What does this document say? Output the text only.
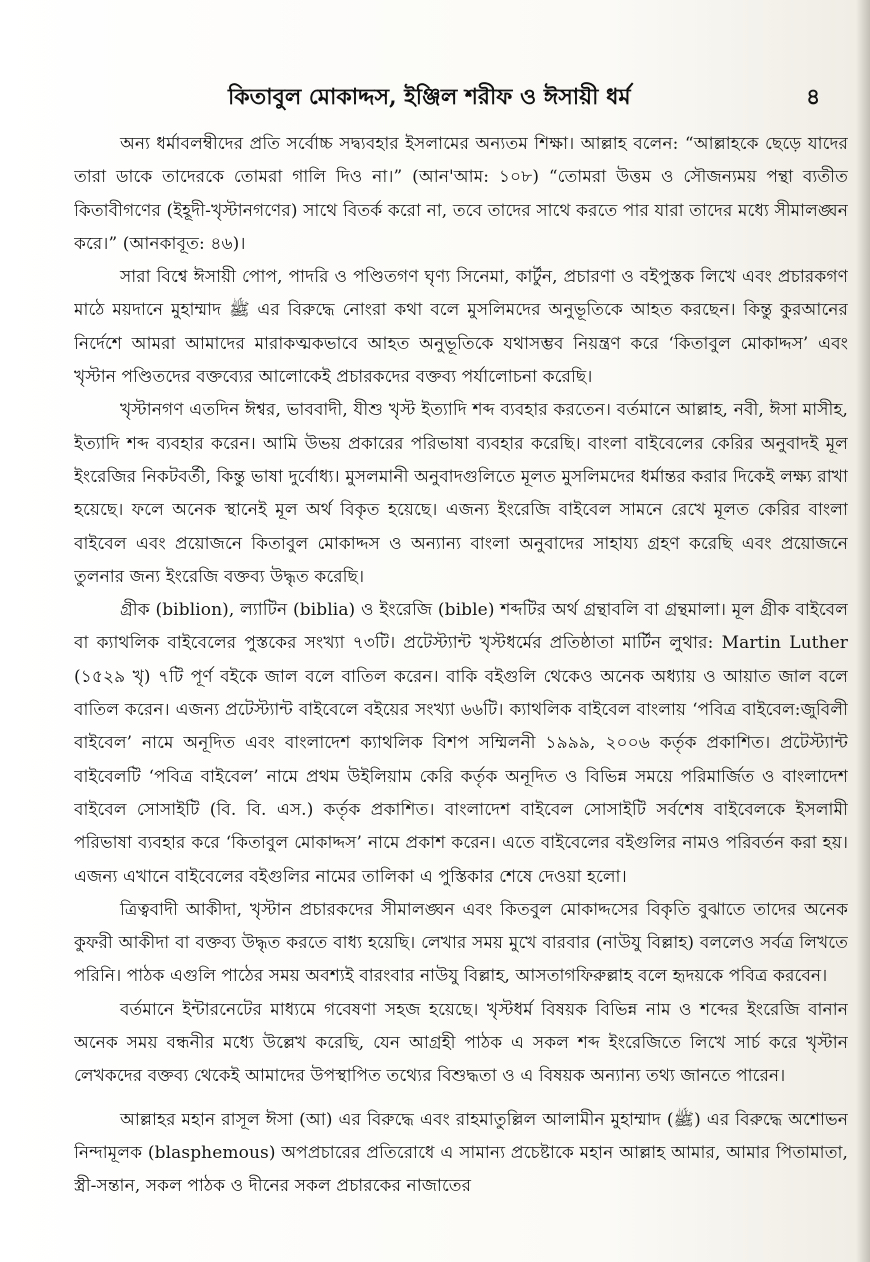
কিতাবুল মোকাদ্দস, ইঞ্জিল শরীফ ও ঈসায়ী ধর্ম	৪

অন্য ধর্মাবলম্বীদের প্রতি সর্বোচ্চ সদ্ব্যবহার ইসলামের অন্যতম শিক্ষা। আল্লাহ বলেন: “আল্লাহকে ছেড়ে যাদের তারা ডাকে তাদেরকে তোমরা গালি দিও না।” (আন'আম: ১০৮) “তোমরা উত্তম ও সৌজন্যময় পন্থা ব্যতীত কিতাবীগণের (ইহূদী-খৃস্টানগণের) সাথে বিতর্ক করো না, তবে তাদের সাথে করতে পার যারা তাদের মধ্যে সীমালঙ্ঘন করে।” (আনকাবূত: ৪৬)।

সারা বিশ্বে ঈসায়ী পোপ, পাদরি ও পণ্ডিতগণ ঘৃণ্য সিনেমা, কার্টুন, প্রচারণা ও বইপুস্তক লিখে এবং প্রচারকগণ মাঠে ময়দানে মুহাম্মাদ ﷺ এর বিরুদ্ধে নোংরা কথা বলে মুসলিমদের অনুভূতিকে আহত করছেন। কিন্তু কুরআনের নির্দেশে আমরা আমাদের মারাকত্মকভাবে আহত অনুভূতিকে যথাসম্ভব নিয়ন্ত্রণ করে ‘কিতাবুল মোকাদ্দস’ এবং খৃস্টান পণ্ডিতদের বক্তব্যের আলোকেই প্রচারকদের বক্তব্য পর্যালোচনা করেছি।

খৃস্টানগণ এতদিন ঈশ্বর, ভাববাদী, যীশু খৃস্ট ইত্যাদি শব্দ ব্যবহার করতেন। বর্তমানে আল্লাহ, নবী, ঈসা মাসীহ, ইত্যাদি শব্দ ব্যবহার করেন। আমি উভয় প্রকারের পরিভাষা ব্যবহার করেছি। বাংলা বাইবেলের কেরির অনুবাদই মূল ইংরেজির নিকটবর্তী, কিন্তু ভাষা দুর্বোধ্য। মুসলমানী অনুবাদগুলিতে মূলত মুসলিমদের ধর্মান্তর করার দিকেই লক্ষ্য রাখা হয়েছে। ফলে অনেক স্থানেই মূল অর্থ বিকৃত হয়েছে। এজন্য ইংরেজি বাইবেল সামনে রেখে মূলত কেরির বাংলা বাইবেল এবং প্রয়োজনে কিতাবুল মোকাদ্দস ও অন্যান্য বাংলা অনুবাদের সাহায্য গ্রহণ করেছি এবং প্রয়োজনে তুলনার জন্য ইংরেজি বক্তব্য উদ্ধৃত করেছি।

গ্রীক (biblion), ল্যাটিন (biblia) ও ইংরেজি (bible) শব্দটির অর্থ গ্রন্থাবলি বা গ্রন্থমালা। মূল গ্রীক বাইবেল বা ক্যাথলিক বাইবেলের পুস্তকের সংখ্যা ৭৩টি। প্রটেস্ট্যান্ট খৃস্টধর্মের প্রতিষ্ঠাতা মার্টিন লুথার: Martin Luther (১৫২৯ খৃ) ৭টি পূর্ণ বইকে জাল বলে বাতিল করেন। বাকি বইগুলি থেকেও অনেক অধ্যায় ও আয়াত জাল বলে বাতিল করেন। এজন্য প্রটেস্ট্যান্ট বাইবেলে বইয়ের সংখ্যা ৬৬টি। ক্যাথলিক বাইবেল বাংলায় ‘পবিত্র বাইবেল:জুবিলী বাইবেল’ নামে অনূদিত এবং বাংলাদেশ ক্যাথলিক বিশপ সম্মিলনী ১৯৯৯, ২০০৬ কর্তৃক প্রকাশিত। প্রটেস্ট্যান্ট বাইবেলটি ‘পবিত্র বাইবেল’ নামে প্রথম উইলিয়াম কেরি কর্তৃক অনূদিত ও বিভিন্ন সময়ে পরিমার্জিত ও বাংলাদেশ বাইবেল সোসাইটি (বি. বি. এস.) কর্তৃক প্রকাশিত। বাংলাদেশ বাইবেল সোসাইটি সর্বশেষ বাইবেলকে ইসলামী পরিভাষা ব্যবহার করে ‘কিতাবুল মোকাদ্দস’ নামে প্রকাশ করেন। এতে বাইবেলের বইগুলির নামও পরিবর্তন করা হয়। এজন্য এখানে বাইবেলের বইগুলির নামের তালিকা এ পুস্তিকার শেষে দেওয়া হলো।

ত্রিত্ববাদী আকীদা, খৃস্টান প্রচারকদের সীমালঙ্ঘন এবং কিতবুল মোকাদ্দসের বিকৃতি বুঝাতে তাদের অনেক কুফরী আকীদা বা বক্তব্য উদ্ধৃত করতে বাধ্য হয়েছি। লেখার সময় মুখে বারবার (নাউযু বিল্লাহ) বললেও সর্বত্র লিখতে পরিনি। পাঠক এগুলি পাঠের সময় অবশ্যই বারংবার নাউযু বিল্লাহ, আসতাগফিরুল্লাহ বলে হৃদয়কে পবিত্র করবেন।

বর্তমানে ইন্টারনেটের মাধ্যমে গবেষণা সহজ হয়েছে। খৃস্টধর্ম বিষয়ক বিভিন্ন নাম ও শব্দের ইংরেজি বানান অনেক সময় বন্ধনীর মধ্যে উল্লেখ করেছি, যেন আগ্রহী পাঠক এ সকল শব্দ ইংরেজিতে লিখে সার্চ করে খৃস্টান লেখকদের বক্তব্য থেকেই আমাদের উপস্থাপিত তথ্যের বিশুদ্ধতা ও এ বিষয়ক অন্যান্য তথ্য জানতে পারেন।

আল্লাহর মহান রাসূল ঈসা (আ) এর বিরুদ্ধে এবং রাহমাতুল্লিল আলামীন মুহাম্মাদ (ﷺ) এর বিরুদ্ধে অশোভন নিন্দামূলক (blasphemous) অপপ্রচারের প্রতিরোধে এ সামান্য প্রচেষ্টাকে মহান আল্লাহ আমার, আমার পিতামাতা, স্ত্রী-সন্তান, সকল পাঠক ও দীনের সকল প্রচারকের নাজাতের
